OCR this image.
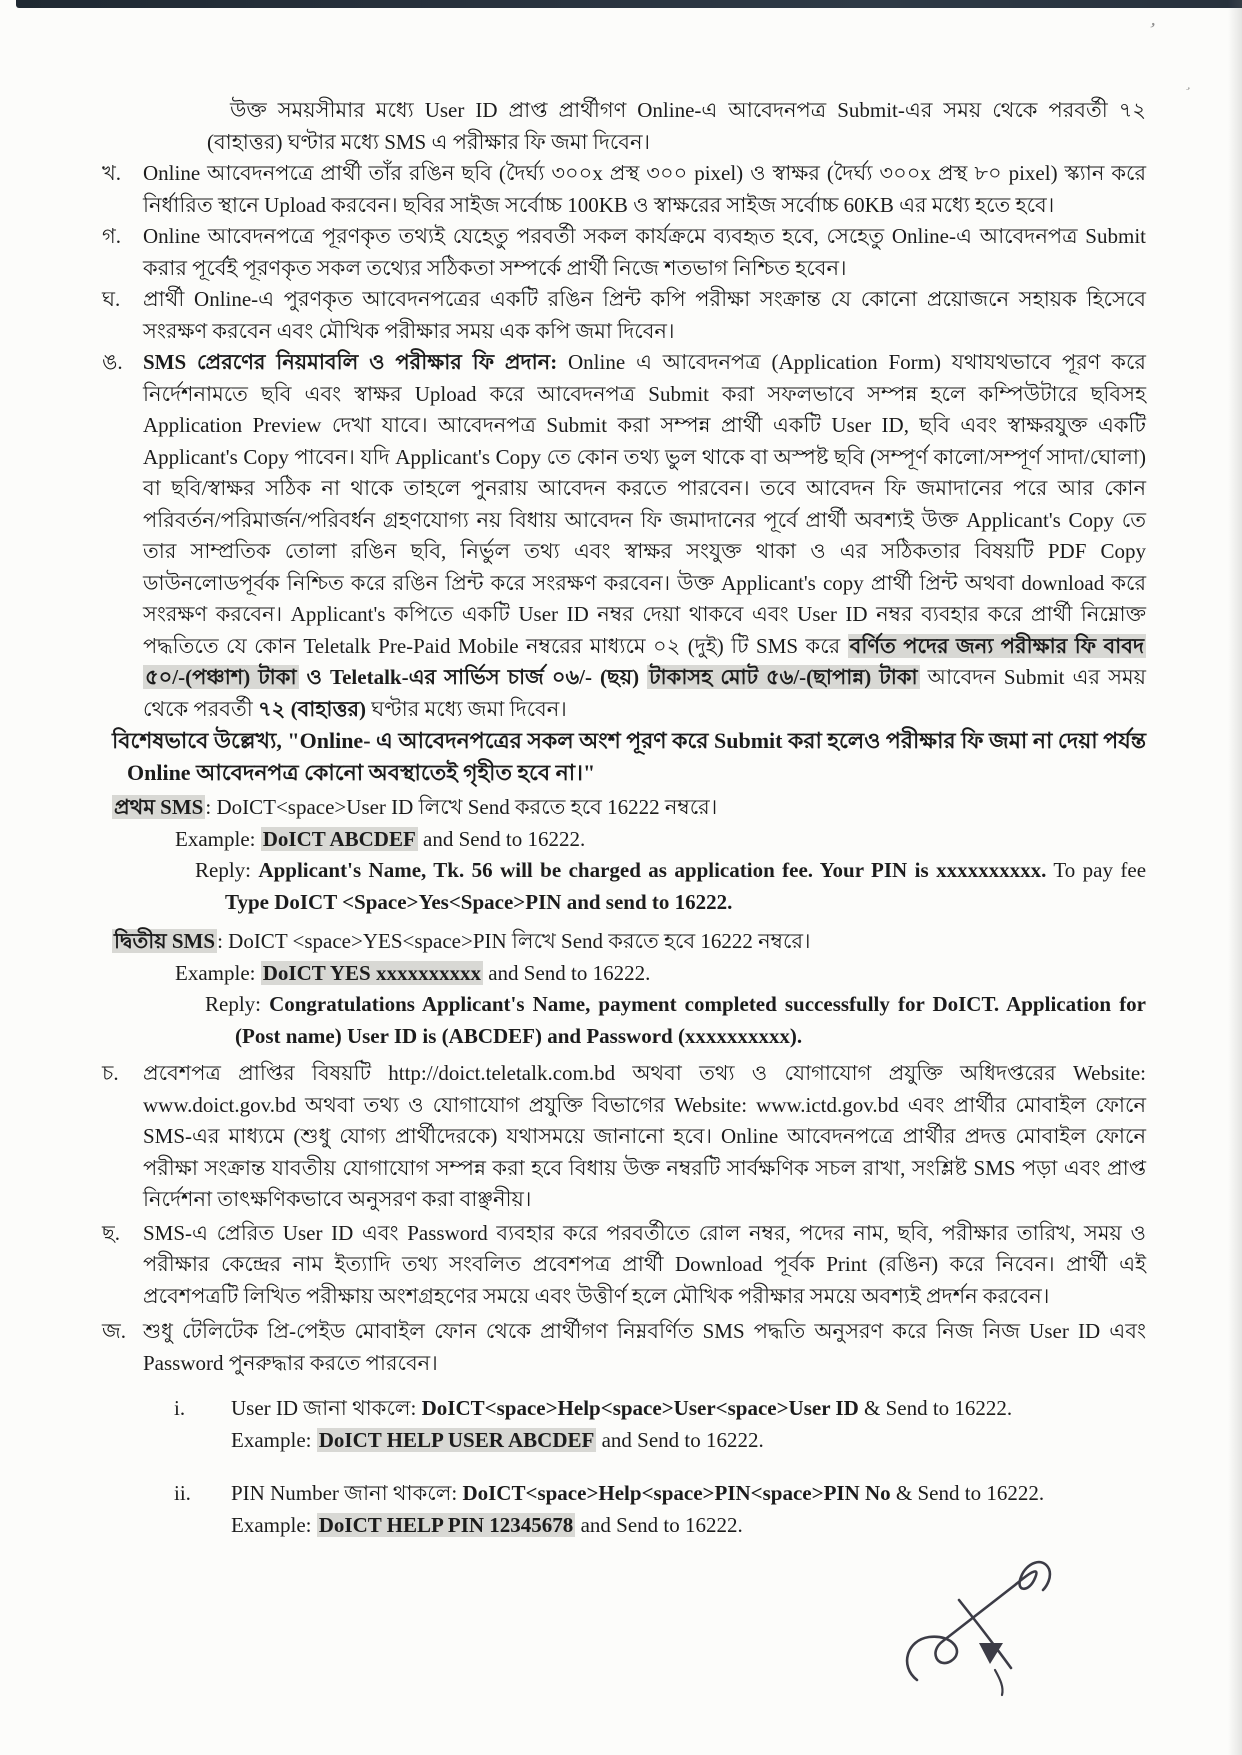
’
’
উক্ত সময়সীমার মধ্যে User ID প্রাপ্ত প্রার্থীগণ Online-এ আবেদনপত্র Submit-এর সময় থেকে পরবর্তী ৭২ (বাহাত্তর) ঘণ্টার মধ্যে SMS এ পরীক্ষার ফি জমা দিবেন।
খ. Online আবেদনপত্রে প্রার্থী তাঁর রঙিন ছবি (দৈর্ঘ্য ৩০০x প্রস্থ ৩০০ pixel) ও স্বাক্ষর (দৈর্ঘ্য ৩০০x প্রস্থ ৮০ pixel) স্ক্যান করে নির্ধারিত স্থানে Upload করবেন। ছবির সাইজ সর্বোচ্চ 100KB ও স্বাক্ষরের সাইজ সর্বোচ্চ 60KB এর মধ্যে হতে হবে।
গ. Online আবেদনপত্রে পূরণকৃত তথ্যই যেহেতু পরবর্তী সকল কার্যক্রমে ব্যবহৃত হবে, সেহেতু Online-এ আবেদনপত্র Submit করার পূর্বেই পূরণকৃত সকল তথ্যের সঠিকতা সম্পর্কে প্রার্থী নিজে শতভাগ নিশ্চিত হবেন।
ঘ. প্রার্থী Online-এ পুরণকৃত আবেদনপত্রের একটি রঙিন প্রিন্ট কপি পরীক্ষা সংক্রান্ত যে কোনো প্রয়োজনে সহায়ক হিসেবে সংরক্ষণ করবেন এবং মৌখিক পরীক্ষার সময় এক কপি জমা দিবেন।
ঙ. SMS প্রেরণের নিয়মাবলি ও পরীক্ষার ফি প্রদান: Online এ আবেদনপত্র (Application Form) যথাযথভাবে পূরণ করে নির্দেশনামতে ছবি এবং স্বাক্ষর Upload করে আবেদনপত্র Submit করা সফলভাবে সম্পন্ন হলে কম্পিউটারে ছবিসহ Application Preview দেখা যাবে। আবেদনপত্র Submit করা সম্পন্ন প্রার্থী একটি User ID, ছবি এবং স্বাক্ষরযুক্ত একটি Applicant's Copy পাবেন। যদি Applicant's Copy তে কোন তথ্য ভুল থাকে বা অস্পষ্ট ছবি (সম্পূর্ণ কালো/সম্পূর্ণ সাদা/ঘোলা) বা ছবি/স্বাক্ষর সঠিক না থাকে তাহলে পুনরায় আবেদন করতে পারবেন। তবে আবেদন ফি জমাদানের পরে আর কোন পরিবর্তন/পরিমার্জন/পরিবর্ধন গ্রহণযোগ্য নয় বিধায় আবেদন ফি জমাদানের পূর্বে প্রার্থী অবশ্যই উক্ত Applicant's Copy তে তার সাম্প্রতিক তোলা রঙিন ছবি, নির্ভুল তথ্য এবং স্বাক্ষর সংযুক্ত থাকা ও এর সঠিকতার বিষয়টি PDF Copy ডাউনলোডপূর্বক নিশ্চিত করে রঙিন প্রিন্ট করে সংরক্ষণ করবেন। উক্ত Applicant's copy প্রার্থী প্রিন্ট অথবা download করে সংরক্ষণ করবেন। Applicant's কপিতে একটি User ID নম্বর দেয়া থাকবে এবং User ID নম্বর ব্যবহার করে প্রার্থী নিম্নোক্ত পদ্ধতিতে যে কোন Teletalk Pre-Paid Mobile নম্বরের মাধ্যমে ০২ (দুই) টি SMS করে বর্ণিত পদের জন্য পরীক্ষার ফি বাবদ ৫০/-(পঞ্চাশ) টাকা ও Teletalk-এর সার্ভিস চার্জ ০৬/- (ছয়) টাকাসহ মোট ৫৬/-(ছাপান্ন) টাকা আবেদন Submit এর সময় থেকে পরবর্তী ৭২ (বাহাত্তর) ঘণ্টার মধ্যে জমা দিবেন।
বিশেষভাবে উল্লেখ্য, "Online- এ আবেদনপত্রের সকল অংশ পূরণ করে Submit করা হলেও পরীক্ষার ফি জমা না দেয়া পর্যন্ত Online আবেদনপত্র কোনো অবস্থাতেই গৃহীত হবে না।"
প্রথম SMS: DoICT<space>User ID লিখে Send করতে হবে 16222 নম্বরে।
Example: DoICT ABCDEF and Send to 16222.
Reply: Applicant's Name, Tk. 56 will be charged as application fee. Your PIN is xxxxxxxxxx. To pay fee Type DoICT <Space>Yes<Space>PIN and send to 16222.
দ্বিতীয় SMS: DoICT <space>YES<space>PIN লিখে Send করতে হবে 16222 নম্বরে।
Example: DoICT YES xxxxxxxxxx and Send to 16222.
Reply: Congratulations Applicant's Name, payment completed successfully for DoICT. Application for (Post name) User ID is (ABCDEF) and Password (xxxxxxxxxx).
চ. প্রবেশপত্র প্রাপ্তির বিষয়টি http://doict.teletalk.com.bd অথবা তথ্য ও যোগাযোগ প্রযুক্তি অধিদপ্তরের Website: www.doict.gov.bd অথবা তথ্য ও যোগাযোগ প্রযুক্তি বিভাগের Website: www.ictd.gov.bd এবং প্রার্থীর মোবাইল ফোনে SMS-এর মাধ্যমে (শুধু যোগ্য প্রার্থীদেরকে) যথাসময়ে জানানো হবে। Online আবেদনপত্রে প্রার্থীর প্রদত্ত মোবাইল ফোনে পরীক্ষা সংক্রান্ত যাবতীয় যোগাযোগ সম্পন্ন করা হবে বিধায় উক্ত নম্বরটি সার্বক্ষণিক সচল রাখা, সংশ্লিষ্ট SMS পড়া এবং প্রাপ্ত নির্দেশনা তাৎক্ষণিকভাবে অনুসরণ করা বাঞ্ছনীয়।
ছ. SMS-এ প্রেরিত User ID এবং Password ব্যবহার করে পরবর্তীতে রোল নম্বর, পদের নাম, ছবি, পরীক্ষার তারিখ, সময় ও পরীক্ষার কেন্দ্রের নাম ইত্যাদি তথ্য সংবলিত প্রবেশপত্র প্রার্থী Download পূর্বক Print (রঙিন) করে নিবেন। প্রার্থী এই প্রবেশপত্রটি লিখিত পরীক্ষায় অংশগ্রহণের সময়ে এবং উত্তীর্ণ হলে মৌখিক পরীক্ষার সময়ে অবশ্যই প্রদর্শন করবেন।
জ. শুধু টেলিটেক প্রি-পেইড মোবাইল ফোন থেকে প্রার্থীগণ নিম্নবর্ণিত SMS পদ্ধতি অনুসরণ করে নিজ নিজ User ID এবং Password পুনরুদ্ধার করতে পারবেন।
i. User ID জানা থাকলে: DoICT<space>Help<space>User<space>User ID & Send to 16222.
Example: DoICT HELP USER ABCDEF and Send to 16222.
ii. PIN Number জানা থাকলে: DoICT<space>Help<space>PIN<space>PIN No & Send to 16222.
Example: DoICT HELP PIN 12345678 and Send to 16222.
